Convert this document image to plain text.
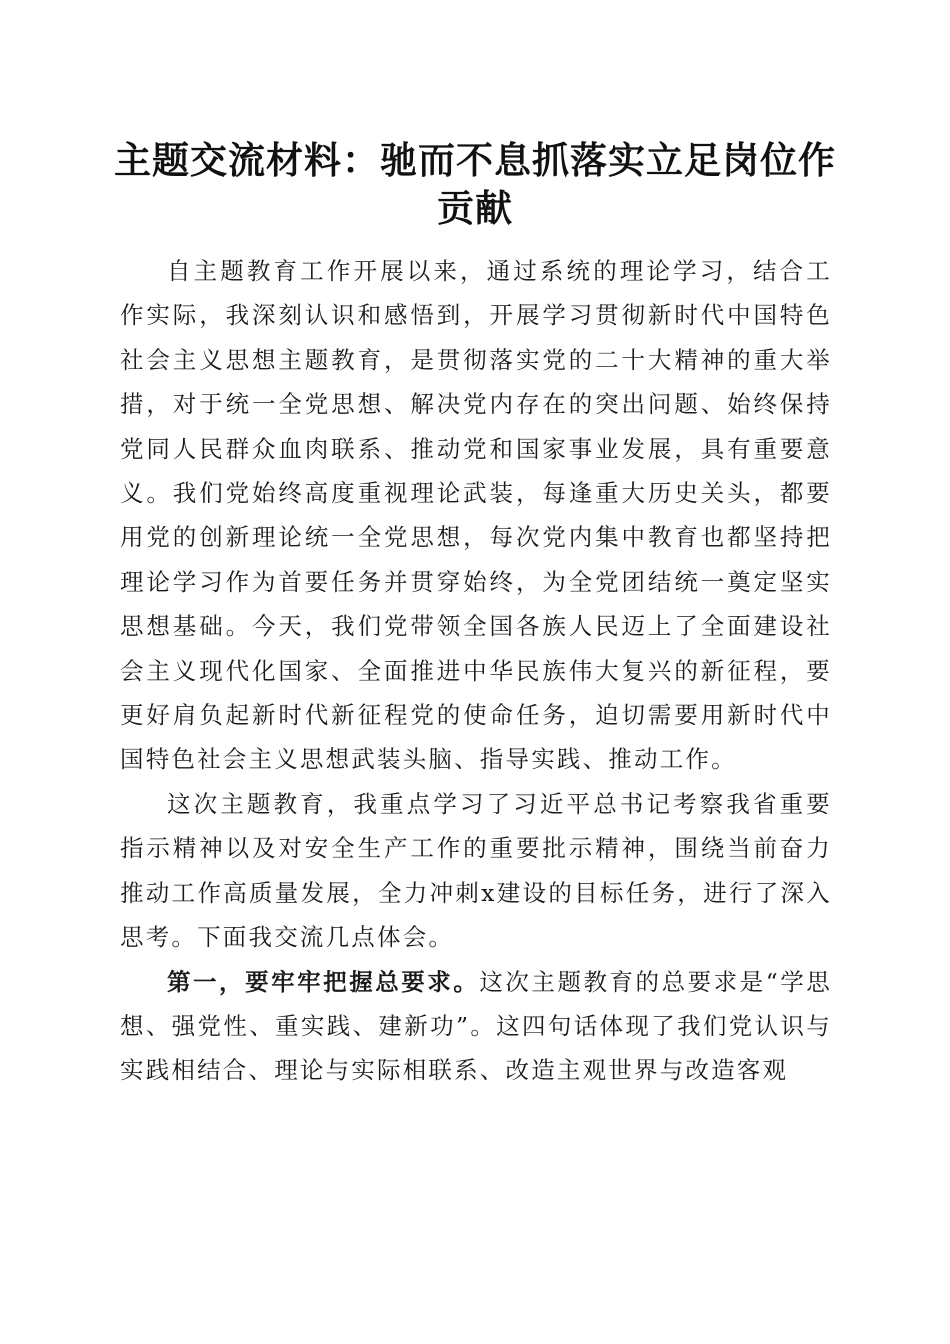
主题交流材料：驰而不息抓落实立足岗位作贡献

自主题教育工作开展以来，通过系统的理论学习，结合工作实际，我深刻认识和感悟到，开展学习贯彻新时代中国特色社会主义思想主题教育，是贯彻落实党的二十大精神的重大举措，对于统一全党思想、解决党内存在的突出问题、始终保持党同人民群众血肉联系、推动党和国家事业发展，具有重要意义。我们党始终高度重视理论武装，每逢重大历史关头，都要用党的创新理论统一全党思想，每次党内集中教育也都坚持把理论学习作为首要任务并贯穿始终，为全党团结统一奠定坚实思想基础。今天，我们党带领全国各族人民迈上了全面建设社会主义现代化国家、全面推进中华民族伟大复兴的新征程，要更好肩负起新时代新征程党的使命任务，迫切需要用新时代中国特色社会主义思想武装头脑、指导实践、推动工作。

这次主题教育，我重点学习了习近平总书记考察我省重要指示精神以及对安全生产工作的重要批示精神，围绕当前奋力推动工作高质量发展，全力冲刺x建设的目标任务，进行了深入思考。下面我交流几点体会。

第一，要牢牢把握总要求。这次主题教育的总要求是“学思想、强党性、重实践、建新功”。这四句话体现了我们党认识与实践相结合、理论与实际相联系、改造主观世界与改造客观
